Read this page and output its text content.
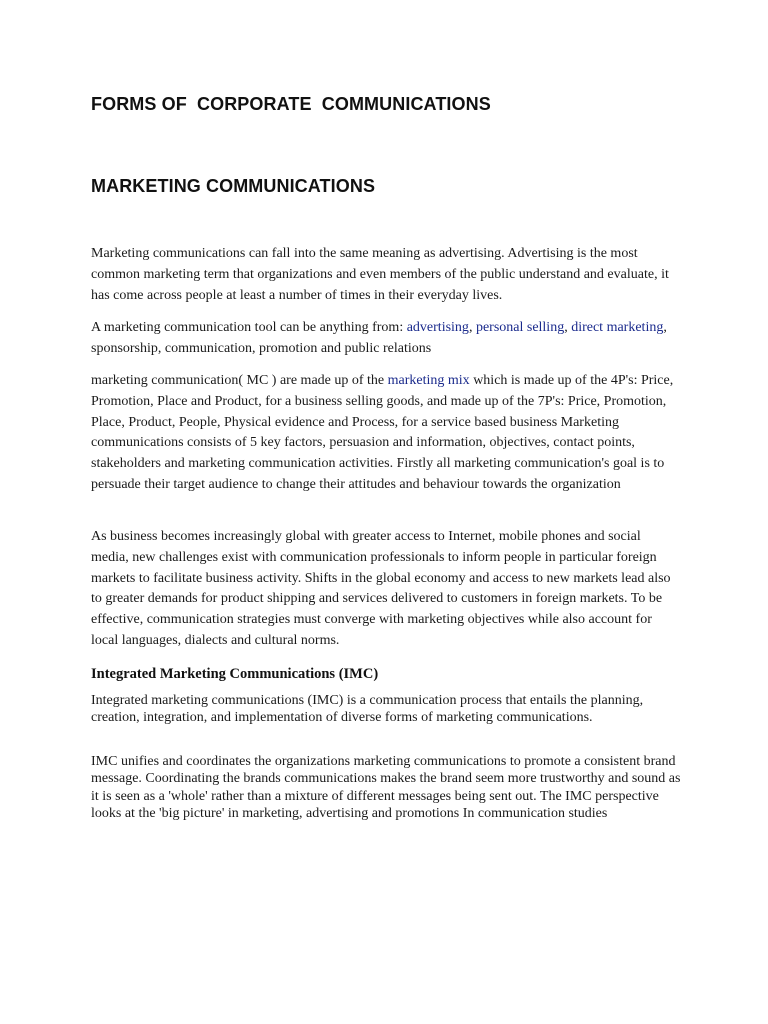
FORMS OF  CORPORATE  COMMUNICATIONS
MARKETING COMMUNICATIONS

Marketing communications can fall into the same meaning as advertising. Advertising is the most common marketing term that organizations and even members of the public understand and evaluate, it has come across people at least a number of times in their everyday lives.

A marketing communication tool can be anything from: advertising, personal selling, direct marketing, sponsorship, communication, promotion and public relations

marketing communication( MC ) are made up of the marketing mix which is made up of the 4P's: Price, Promotion, Place and Product, for a business selling goods, and made up of the 7P's: Price, Promotion, Place, Product, People, Physical evidence and Process, for a service based business Marketing communications consists of 5 key factors, persuasion and information, objectives, contact points, stakeholders and marketing communication activities. Firstly all marketing communication's goal is to persuade their target audience to change their attitudes and behaviour towards the organization

As business becomes increasingly global with greater access to Internet, mobile phones and social media, new challenges exist with communication professionals to inform people in particular foreign markets to facilitate business activity. Shifts in the global economy and access to new markets lead also to greater demands for product shipping and services delivered to customers in foreign markets. To be effective, communication strategies must converge with marketing objectives while also account for local languages, dialects and cultural norms.

Integrated Marketing Communications (IMC)

Integrated marketing communications (IMC) is a communication process that entails the planning, creation, integration, and implementation of diverse forms of marketing communications.

IMC unifies and coordinates the organizations marketing communications to promote a consistent brand message. Coordinating the brands communications makes the brand seem more trustworthy and sound as it is seen as a 'whole' rather than a mixture of different messages being sent out. The IMC perspective looks at the 'big picture' in marketing, advertising and promotions In communication studies
